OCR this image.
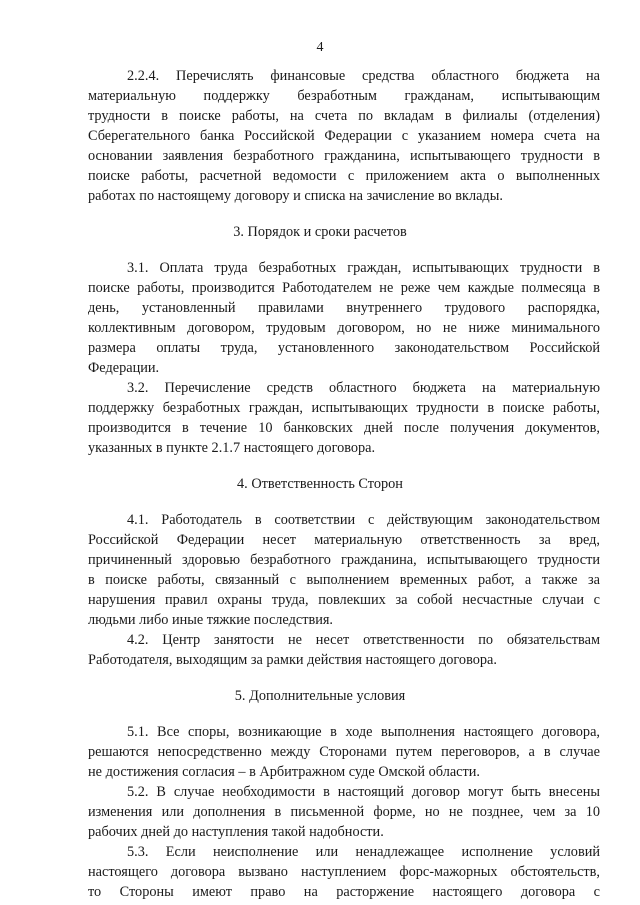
4
2.2.4. Перечислять финансовые средства областного бюджета на
материальную поддержку безработным гражданам, испытывающим
трудности в поиске работы, на счета по вкладам в филиалы (отделения)
Сберегательного банка Российской Федерации с указанием номера счета на
основании заявления безработного гражданина, испытывающего трудности в
поиске работы, расчетной ведомости с приложением акта о выполненных
работах по настоящему договору и списка на зачисление во вклады.
3. Порядок и сроки расчетов
3.1. Оплата труда безработных граждан, испытывающих трудности в
поиске работы, производится Работодателем не реже чем каждые полмесяца в
день, установленный правилами внутреннего трудового распорядка,
коллективным договором, трудовым договором, но не ниже минимального
размера оплаты труда, установленного законодательством Российской
Федерации.
3.2. Перечисление средств областного бюджета на материальную
поддержку безработных граждан, испытывающих трудности в поиске работы,
производится в течение 10 банковских дней после получения документов,
указанных в пункте 2.1.7 настоящего договора.
4. Ответственность Сторон
4.1. Работодатель в соответствии с действующим законодательством
Российской Федерации несет материальную ответственность за вред,
причиненный здоровью безработного гражданина, испытывающего трудности
в поиске работы, связанный с выполнением временных работ, а также за
нарушения правил охраны труда, повлекших за собой несчастные случаи с
людьми либо иные тяжкие последствия.
4.2. Центр занятости не несет ответственности по обязательствам
Работодателя, выходящим за рамки действия настоящего договора.
5. Дополнительные условия
5.1. Все споры, возникающие в ходе выполнения настоящего договора,
решаются непосредственно между Сторонами путем переговоров, а в случае
не достижения согласия – в Арбитражном суде Омской области.
5.2. В случае необходимости в настоящий договор могут быть внесены
изменения или дополнения в письменной форме, но не позднее, чем за 10
рабочих дней до наступления такой надобности.
5.3. Если неисполнение или ненадлежащее исполнение условий
настоящего договора вызвано наступлением форс-мажорных обстоятельств,
то Стороны имеют право на расторжение настоящего договора с
